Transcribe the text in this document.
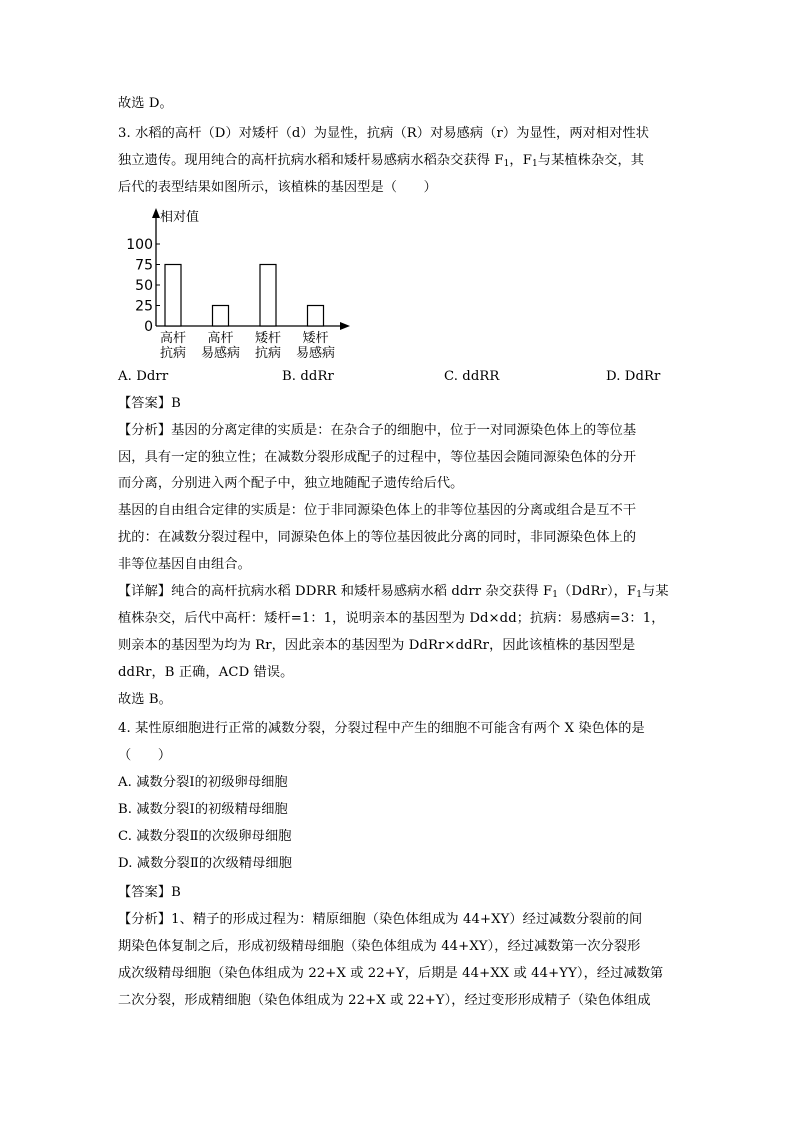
故选 D。
3. 水稻的高杆（D）对矮杆（d）为显性，抗病（R）对易感病（r）为显性，两对相对性状
独立遗传。现用纯合的高杆抗病水稻和矮杆易感病水稻杂交获得 $F_1$，$F_1$与某植株杂交，其
后代的表型结果如图所示，该植株的基因型是（　　）
0
25
50
75
100
高杆
抗病
高杆
易感病
矮杆
抗病
矮杆
易感病
相对值
A. Ddrr	B. ddRr	C. ddRR	D. DdRr
【答案】B
【分析】基因的分离定律的实质是：在杂合子的细胞中，位于一对同源染色体上的等位基
因，具有一定的独立性；在减数分裂形成配子的过程中，等位基因会随同源染色体的分开
而分离，分别进入两个配子中，独立地随配子遗传给后代。
基因的自由组合定律的实质是：位于非同源染色体上的非等位基因的分离或组合是互不干
扰的：在减数分裂过程中，同源染色体上的等位基因彼此分离的同时，非同源染色体上的
非等位基因自由组合。
【详解】纯合的高杆抗病水稻 DDRR 和矮杆易感病水稻 ddrr 杂交获得 $F_1(DdRr)$，$F_1$与某
植株杂交，后代中高杆：矮杆=1：1，说明亲本的基因型为 Dd×dd；抗病：易感病=3：1，
则亲本的基因型为均为 Rr，因此亲本的基因型为 DdRr×ddRr，因此该植株的基因型是
ddRr，B 正确，ACD 错误。
故选 B。
4. 某性原细胞进行正常的减数分裂，分裂过程中产生的细胞不可能含有两个 X 染色体的是
（　　）
A. 减数分裂Ⅰ的初级卵母细胞
B. 减数分裂Ⅰ的初级精母细胞
C. 减数分裂Ⅱ的次级卵母细胞
D. 减数分裂Ⅱ的次级精母细胞
【答案】B
【分析】1、精子的形成过程为：精原细胞（染色体组成为 44+XY）经过减数分裂前的间
期染色体复制之后，形成初级精母细胞（染色体组成为 44+XY），经过减数第一次分裂形
成次级精母细胞（染色体组成为 22+X 或 22+Y，后期是 44+XX 或 44+YY），经过减数第
二次分裂，形成精细胞（染色体组成为 22+X 或 22+Y），经过变形形成精子（染色体组成
